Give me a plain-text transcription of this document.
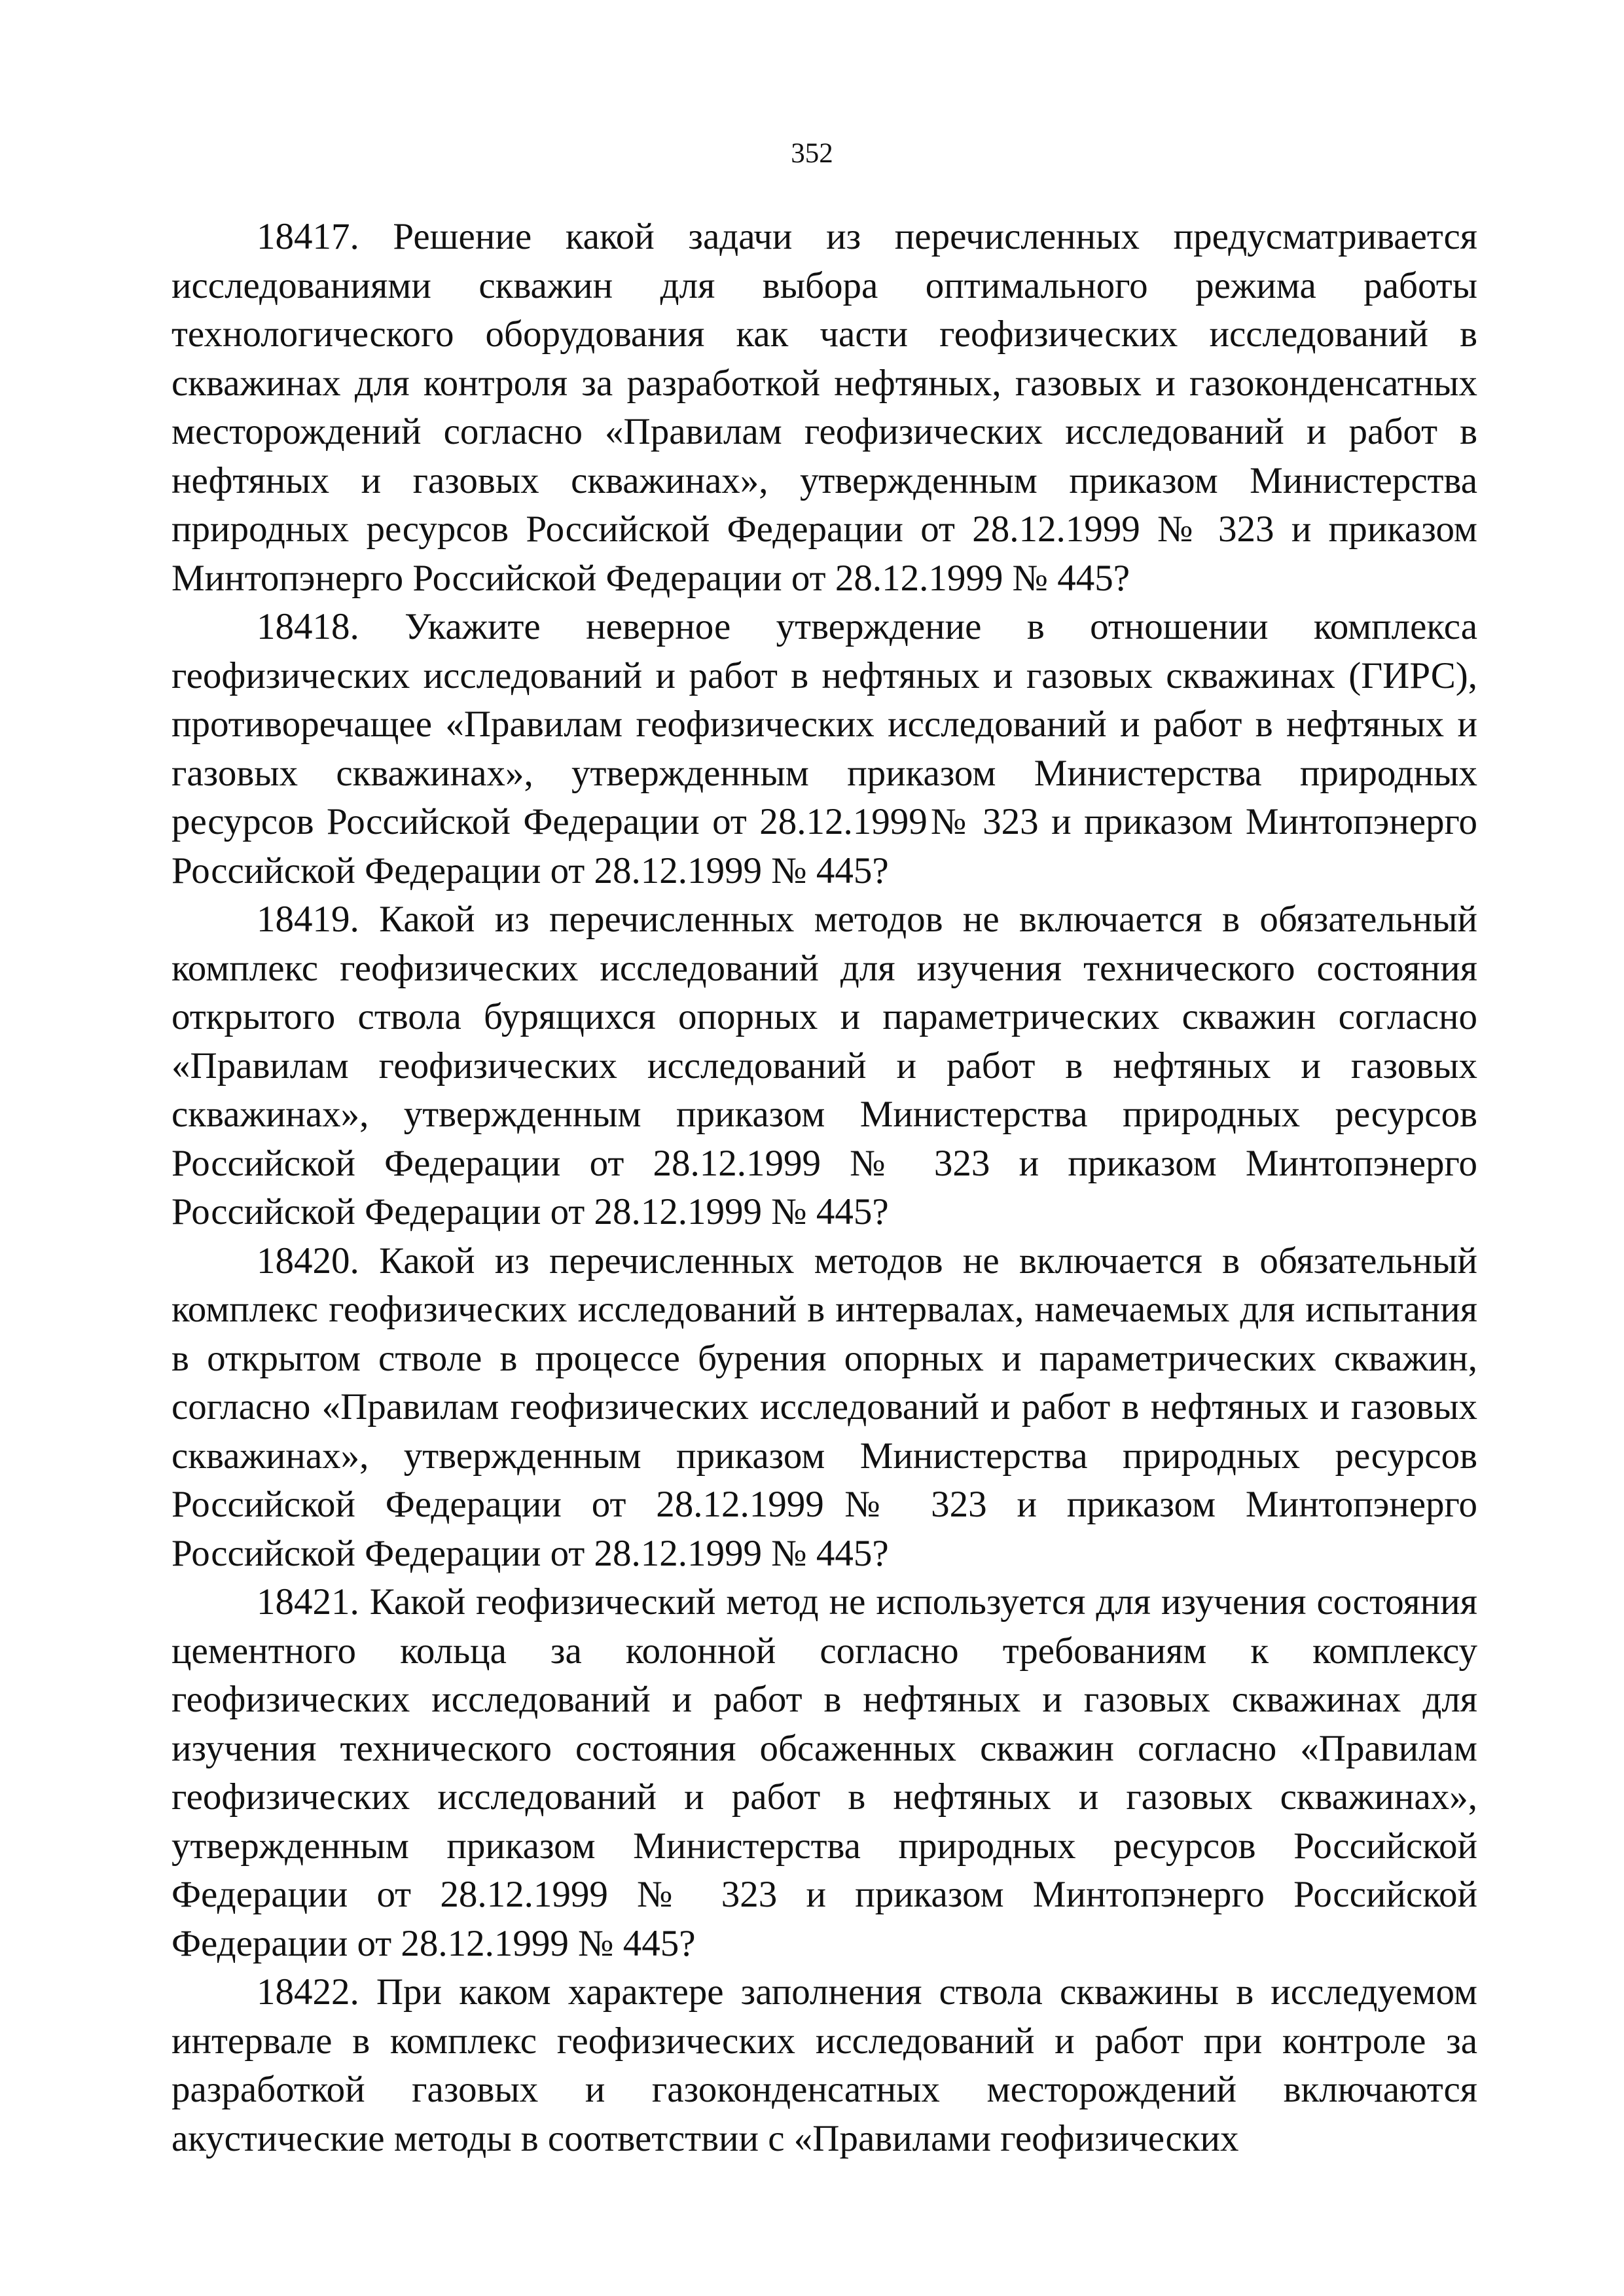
352

18417. Решение какой задачи из перечисленных предусматривается исследованиями скважин для выбора оптимального режима работы технологического оборудования как части геофизических исследований в скважинах для контроля за разработкой нефтяных, газовых и газоконденсатных месторождений согласно «Правилам геофизических исследований и работ в нефтяных и газовых скважинах», утвержденным приказом Министерства природных ресурсов Российской Федерации от 28.12.1999 № 323 и приказом Минтопэнерго Российской Федерации от 28.12.1999 № 445?

18418. Укажите неверное утверждение в отношении комплекса геофизических исследований и работ в нефтяных и газовых скважинах (ГИРС), противоречащее «Правилам геофизических исследований и работ в нефтяных и газовых скважинах», утвержденным приказом Министерства природных ресурсов Российской Федерации от 28.12.1999№ 323 и приказом Минтопэнерго Российской Федерации от 28.12.1999 № 445?

18419. Какой из перечисленных методов не включается в обязательный комплекс геофизических исследований для изучения технического состояния открытого ствола бурящихся опорных и параметрических скважин согласно «Правилам геофизических исследований и работ в нефтяных и газовых скважинах», утвержденным приказом Министерства природных ресурсов Российской Федерации от 28.12.1999 № 323 и приказом Минтопэнерго Российской Федерации от 28.12.1999 № 445?

18420. Какой из перечисленных методов не включается в обязательный комплекс геофизических исследований в интервалах, намечаемых для испытания в открытом стволе в процессе бурения опорных и параметрических скважин, согласно «Правилам геофизических исследований и работ в нефтяных и газовых скважинах», утвержденным приказом Министерства природных ресурсов Российской Федерации от 28.12.1999№ 323 и приказом Минтопэнерго Российской Федерации от 28.12.1999 № 445?

18421. Какой геофизический метод не используется для изучения состояния цементного кольца за колонной согласно требованиям к комплексу геофизических исследований и работ в нефтяных и газовых скважинах для изучения технического состояния обсаженных скважин согласно «Правилам геофизических исследований и работ в нефтяных и газовых скважинах», утвержденным приказом Министерства природных ресурсов Российской Федерации от 28.12.1999 № 323 и приказом Минтопэнерго Российской Федерации от 28.12.1999 № 445?

18422. При каком характере заполнения ствола скважины в исследуемом интервале в комплекс геофизических исследований и работ при контроле за разработкой газовых и газоконденсатных месторождений включаются акустические методы в соответствии с «Правилами геофизических
